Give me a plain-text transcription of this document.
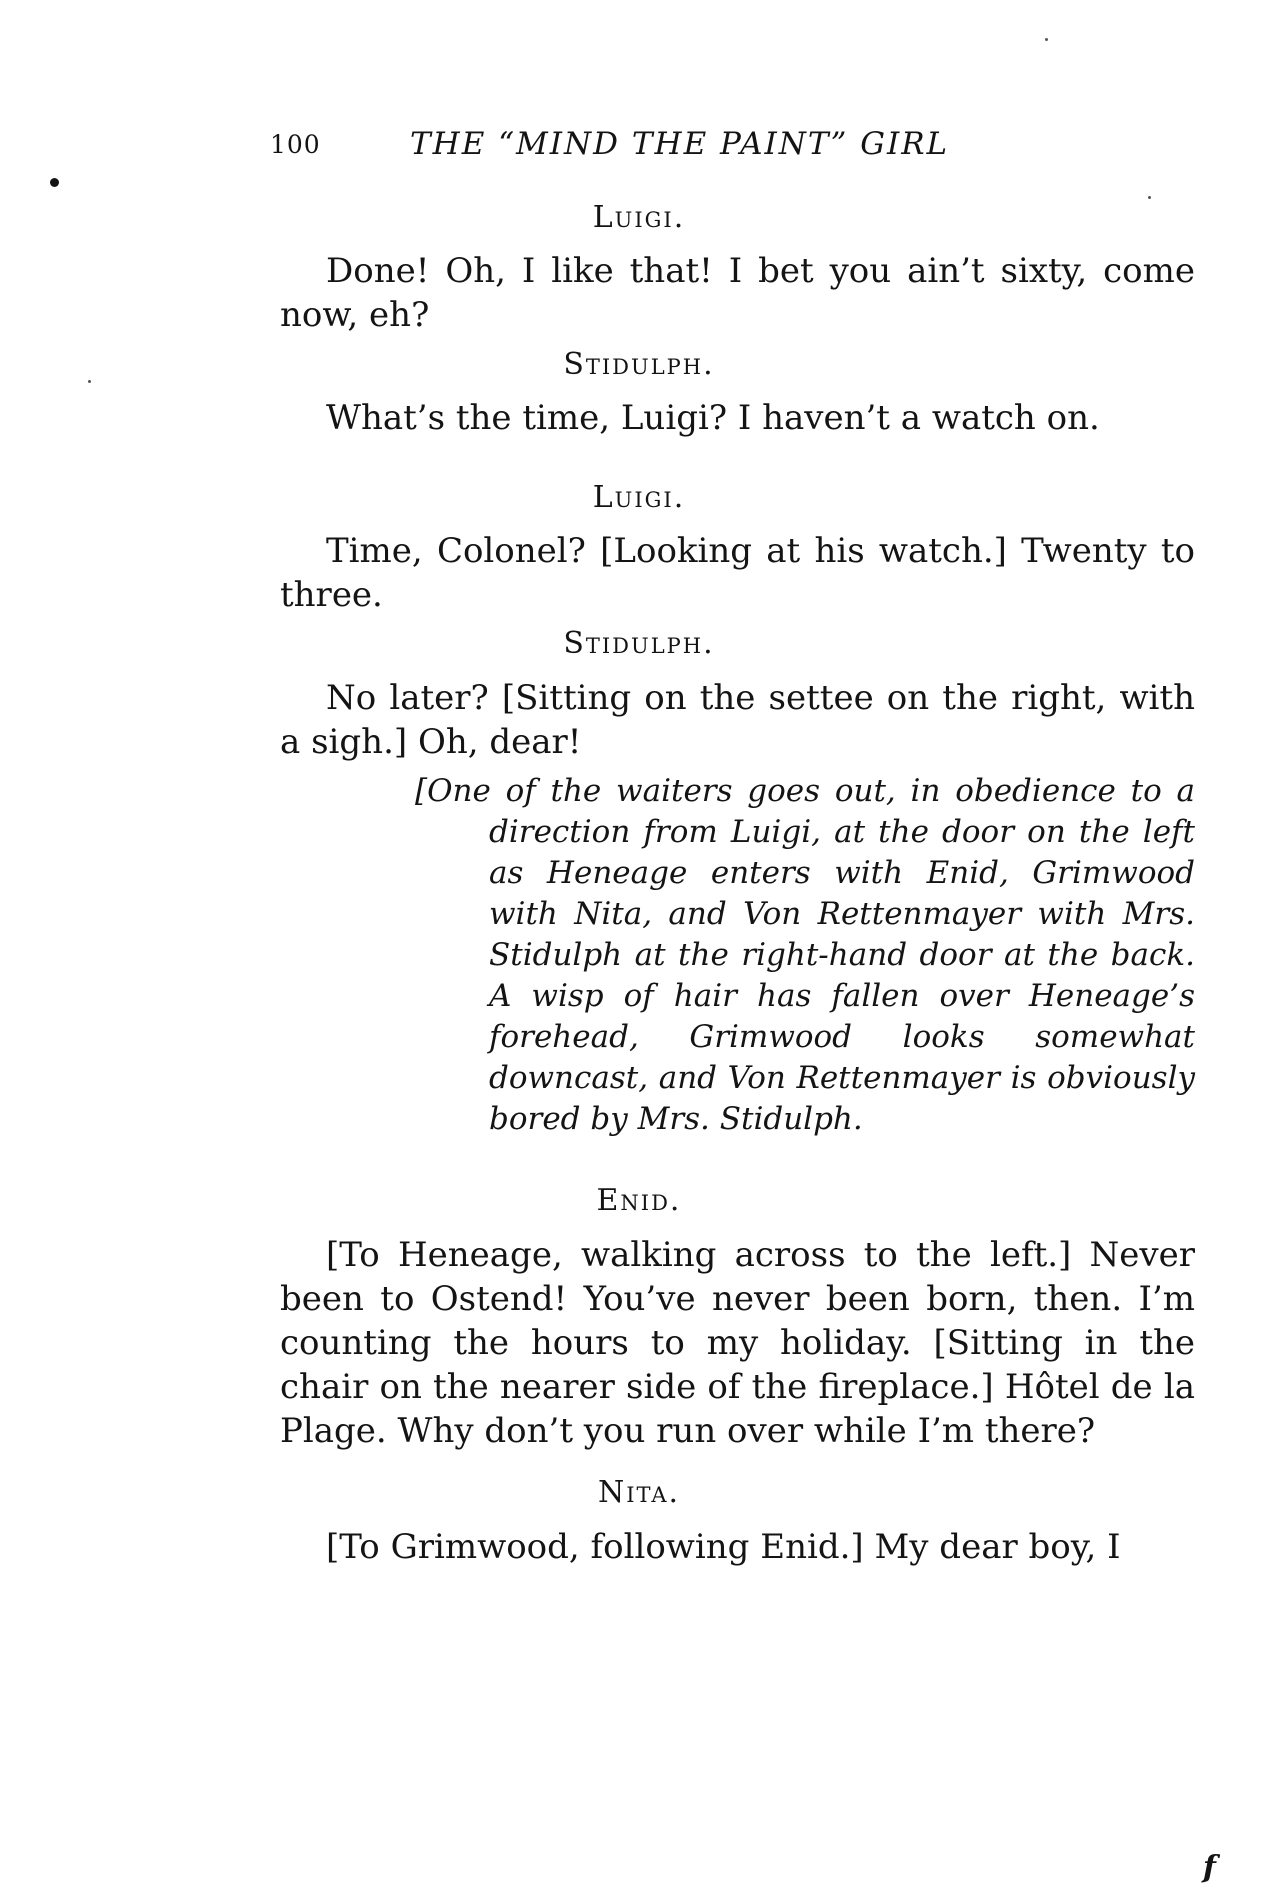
100	THE “MIND THE PAINT” GIRL
Luigi.
Done! Oh, I like that! I bet you ain’t sixty, come now, eh?
Stidulph.
What’s the time, Luigi? I haven’t a watch on.
Luigi.
Time, Colonel? [Looking at his watch.] Twenty to three.
Stidulph.
No later? [Sitting on the settee on the right, with a sigh.] Oh, dear!
[One of the waiters goes out, in obedience to a direction from Luigi, at the door on the left as Heneage enters with Enid, Grimwood with Nita, and Von Rettenmayer with Mrs. Stidulph at the right-hand door at the back. A wisp of hair has fallen over Heneage’s forehead, Grimwood looks somewhat downcast, and Von Rettenmayer is obviously bored by Mrs. Stidulph.
Enid.
[To Heneage, walking across to the left.] Never been to Ostend! You’ve never been born, then. I’m counting the hours to my holiday. [Sitting in the chair on the nearer side of the fireplace.] Hôtel de la Plage. Why don’t you run over while I’m there?
Nita.
[To Grimwood, following Enid.] My dear boy, I
f
